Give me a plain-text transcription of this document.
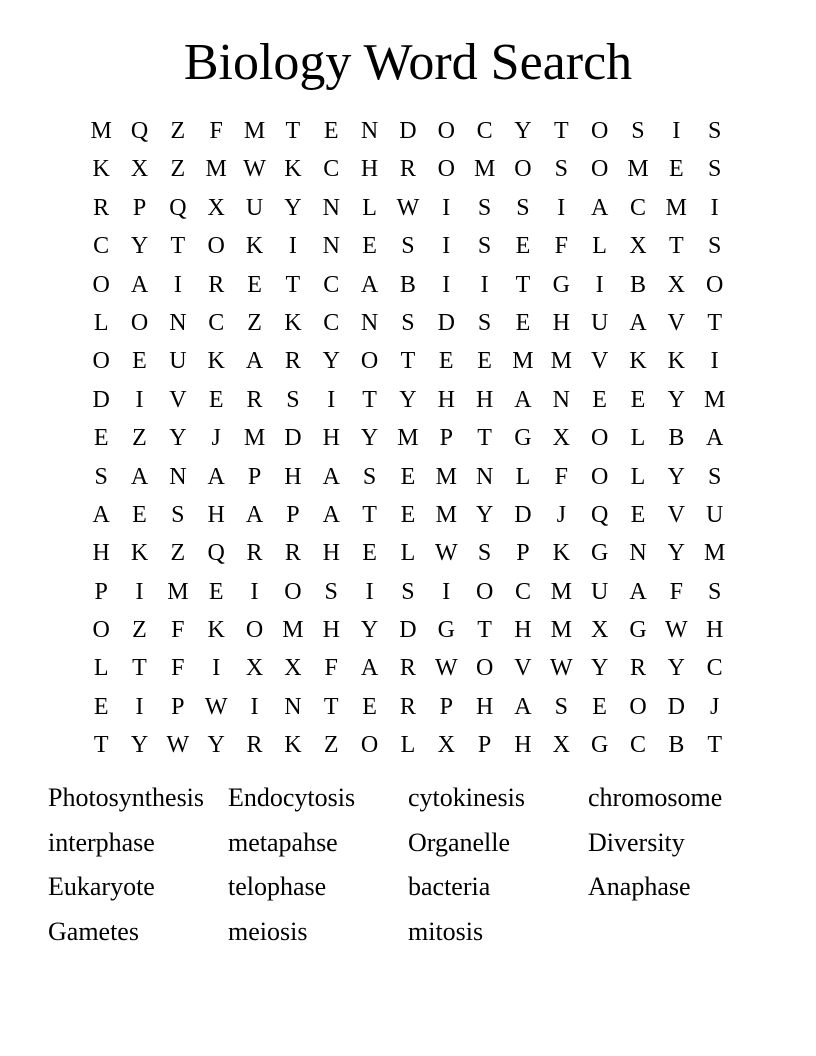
Biology Word Search
M Q Z	F M T E N D O C Y T O S	I	S
K X Z M W K C H R O M O S O M E	S
R P Q X U Y N L W I	S	S	I	A C M I
C Y T O K	I	N E	S	I	S	E	F	L X T	S
O A	I	R E T C A B	I	I	T G	I	B X O
L O N C Z K C N S D S	E H U A V T
O E U K A R Y O T E E M M V K K	I
D	I	V E R S	I	T Y H H A N E E Y M
E Z Y	J M D H Y M P	T G X O L B A
S A N A P H A S	E M N L	F O L Y S
A E	S H A P A T E M Y D	J	Q E V U
H K Z Q R R H E L W S	P K G N Y M
P	I M E	I	O S	I	S	I	O C M U A F	S
O Z	F K O M H Y D G T H M X G W H
L T	F	I	X X F A R W O V W Y R Y C
E	I	P W I	N T E R P H A S	E O D	J
T Y W Y R K Z O L X P H X G C B T
Photosynthesis Endocytosis	cytokinesis	chromosome
interphase	metapahse	Organelle	Diversity
Eukaryote	telophase	bacteria	Anaphase
Gametes	meiosis	mitosis
